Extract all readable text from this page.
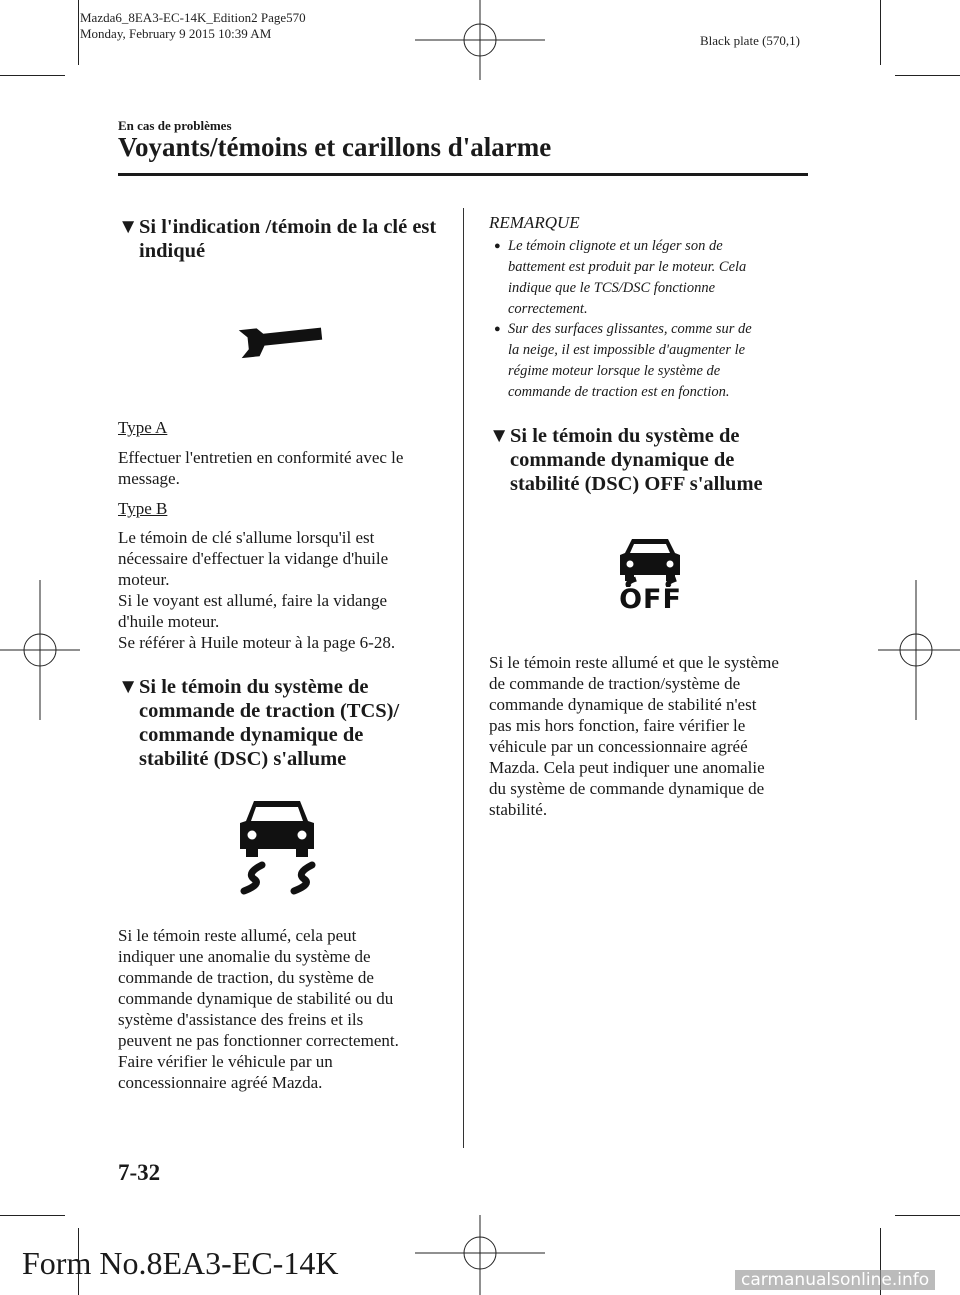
Mazda6_8EA3-EC-14K_Edition2 Page570
Monday, February 9 2015 10:39 AM	Black plate (570,1)
En cas de problèmes
Voyants/témoins et carillons d'alarme
▼Si l'indication /témoin de la clé est
indiqué
Type A
Effectuer l'entretien en conformité avec le
message.
Type B
Le témoin de clé s'allume lorsqu'il est
nécessaire d'effectuer la vidange d'huile
moteur.
Si le voyant est allumé, faire la vidange
d'huile moteur.
Se référer à Huile moteur à la page 6-28.
▼Si le témoin du système de
commande de traction (TCS)/
commande dynamique de
stabilité (DSC) s'allume
Si le témoin reste allumé, cela peut
indiquer une anomalie du système de
commande de traction, du système de
commande dynamique de stabilité ou du
système d'assistance des freins et ils
peuvent ne pas fonctionner correctement.
Faire vérifier le véhicule par un
concessionnaire agréé Mazda.
REMARQUE
● Le témoin clignote et un léger son de
battement est produit par le moteur. Cela
indique que le TCS/DSC fonctionne
correctement.
● Sur des surfaces glissantes, comme sur de
la neige, il est impossible d'augmenter le
régime moteur lorsque le système de
commande de traction est en fonction.
▼Si le témoin du système de
commande dynamique de
stabilité (DSC) OFF s'allume
OFF
Si le témoin reste allumé et que le système
de commande de traction/système de
commande dynamique de stabilité n'est
pas mis hors fonction, faire vérifier le
véhicule par un concessionnaire agréé
Mazda. Cela peut indiquer une anomalie
du système de commande dynamique de
stabilité.
7-32
Form No.8EA3-EC-14K	carmanualsonline.info
